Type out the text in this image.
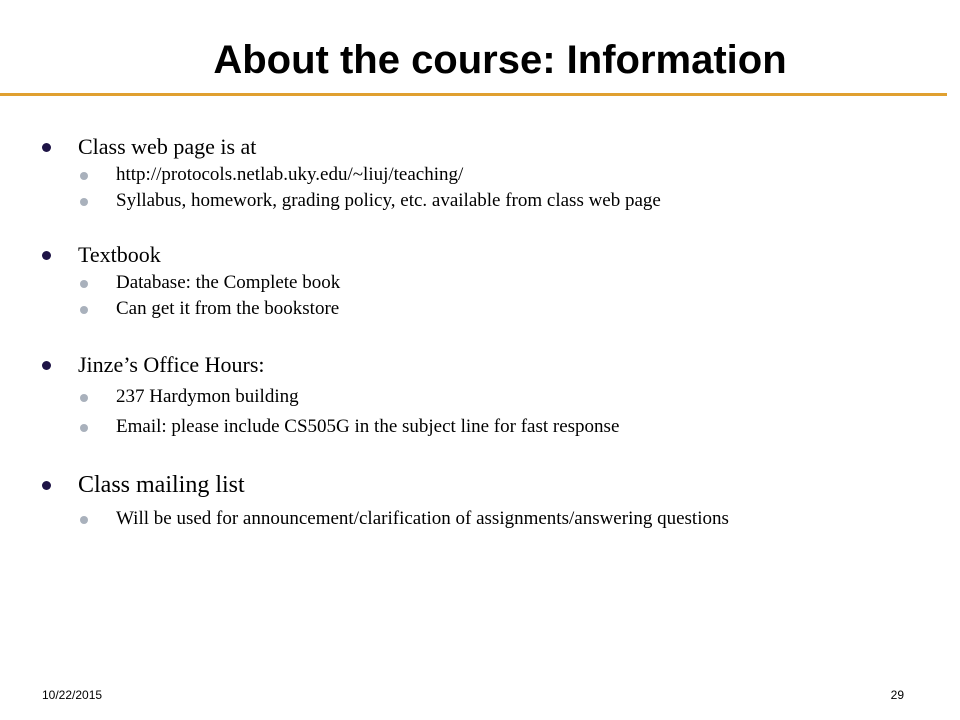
About the course: Information
Class web page is at
http://protocols.netlab.uky.edu/~liuj/teaching/
Syllabus, homework, grading policy, etc. available from class web page
Textbook
Database: the Complete book
Can get it from the bookstore
Jinze’s Office Hours:
237 Hardymon building
Email: please include CS505G in the subject line for fast response
Class mailing list
Will be used for announcement/clarification of assignments/answering questions
10/22/2015	29
